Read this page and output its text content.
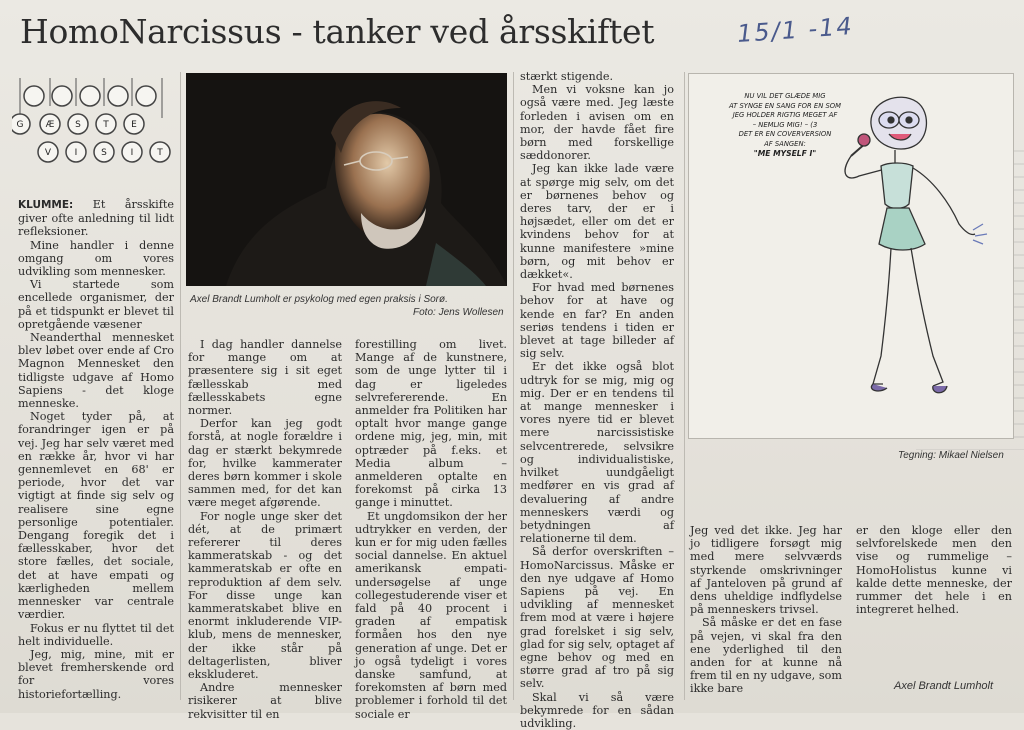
HomoNarcissus - tanker ved årsskiftet	15/1 -14
G Æ S T E
V	I	S	I	T

KLUMME: Et årsskifte giver ofte anledning til lidt refleksioner.

Mine handler i denne omgang om vores udvikling som mennesker.

Vi startede som encellede organismer, der på et tidspunkt er blevet til opretgående væsener

Neanderthal mennesket blev løbet over ende af Cro Magnon Mennesket den tidligste udgave af Homo Sapiens - det kloge menneske.

Noget tyder på, at forandringer igen er på vej. Jeg har selv været med en række år, hvor vi har gennemlevet en 68' er periode, hvor det var vigtigt at finde sig selv og realisere sine egne personlige potentialer. Dengang foregik det i fællesskaber, hvor det store fælles, det sociale, det at have empati og kærligheden mellem mennesker var centrale værdier.

Fokus er nu flyttet til det helt individuelle.

Jeg, mig, mine, mit er blevet fremherskende ord for vores historiefortælling.

Axel Brandt Lumholt er psykolog med egen praksis i Sorø.
Foto: Jens Wollesen

I dag handler dannelse for mange om at præsentere sig i sit eget fællesskab med fællesskabets egne normer.

Derfor kan jeg godt forstå, at nogle forældre i dag er stærkt bekymrede for, hvilke kammerater deres børn kommer i skole sammen med, for det kan være meget afgørende.

For nogle unge sker det dét, at de primært refererer til deres kammeratskab - og det kammeratskab er ofte en reproduktion af dem selv. For disse unge kan kammeratskabet blive en enormt inkluderende VIP-klub, mens de mennesker, der ikke står på deltagerlisten, bliver ekskluderet.

Andre mennesker risikerer at blive rekvisitter til en

forestilling om livet. Mange af de kunstnere, som de unge lytter til i dag er ligeledes selvrefererende. En anmelder fra Politiken har optalt hvor mange gange ordene mig, jeg, min, mit optræder på f.eks. et Media album – anmelderen optalte en forekomst på cirka 13 gange i minuttet.

Et ungdomsikon der her udtrykker en verden, der kun er for mig uden fælles social dannelse. En aktuel amerikansk empati-undersøgelse af unge collegestuderende viser et fald på 40 procent i graden af empatisk formåen hos den nye generation af unge. Det er jo også tydeligt i vores danske samfund, at forekomsten af børn med problemer i forhold til det sociale er

stærkt stigende.

Men vi voksne kan jo også være med. Jeg læste forleden i avisen om en mor, der havde fået fire børn med forskellige sæddonorer.

Jeg kan ikke lade være at spørge mig selv, om det er børnenes behov og deres tarv, der er i højsædet, eller om det er kvindens behov for at kunne manifestere »mine børn, og mit behov er dækket«.

For hvad med børnenes behov for at have og kende en far? En anden seriøs tendens i tiden er blevet at tage billeder af sig selv.

Er det ikke også blot udtryk for se mig, mig og mig. Der er en tendens til at mange mennesker i vores nyere tid er blevet mere narcissistiske selvcentrerede, selvsikre og individualistiske, hvilket uundgåeligt medfører en vis grad af devaluering af andre menneskers værdi og betydningen af relationerne til dem.

Så derfor overskriften – HomoNarcissus. Måske er den nye udgave af Homo Sapiens på vej. En udvikling af mennesket frem mod at være i højere grad forelsket i sig selv, glad for sig selv, optaget af egne behov og med en større grad af tro på sig selv.

Skal vi så være bekymrede for en sådan udvikling.

NU VIL DET GLÆDE MIG
AT SYNGE EN SANG FOR EN SOM
JEG HOLDER RIGTIG MEGET AF
– NEMLIG MIG! – (3
DET ER EN COVERVERSION
AF SANGEN:
"ME MYSELF I"
Tegning: Mikael Nielsen

Jeg ved det ikke. Jeg har jo tidligere forsøgt mig med mere selvværds styrkende omskrivninger af Janteloven på grund af dens uheldige indflydelse på menneskers trivsel.

Så måske er det en fase på vejen, vi skal fra den ene yderlighed til den anden for at kunne nå frem til en ny udgave, som ikke bare

er den kloge eller den selvforelskede men den vise og rummelige – HomoHolistus kunne vi kalde dette menneske, der rummer det hele i en integreret helhed.

Axel Brandt Lumholt
